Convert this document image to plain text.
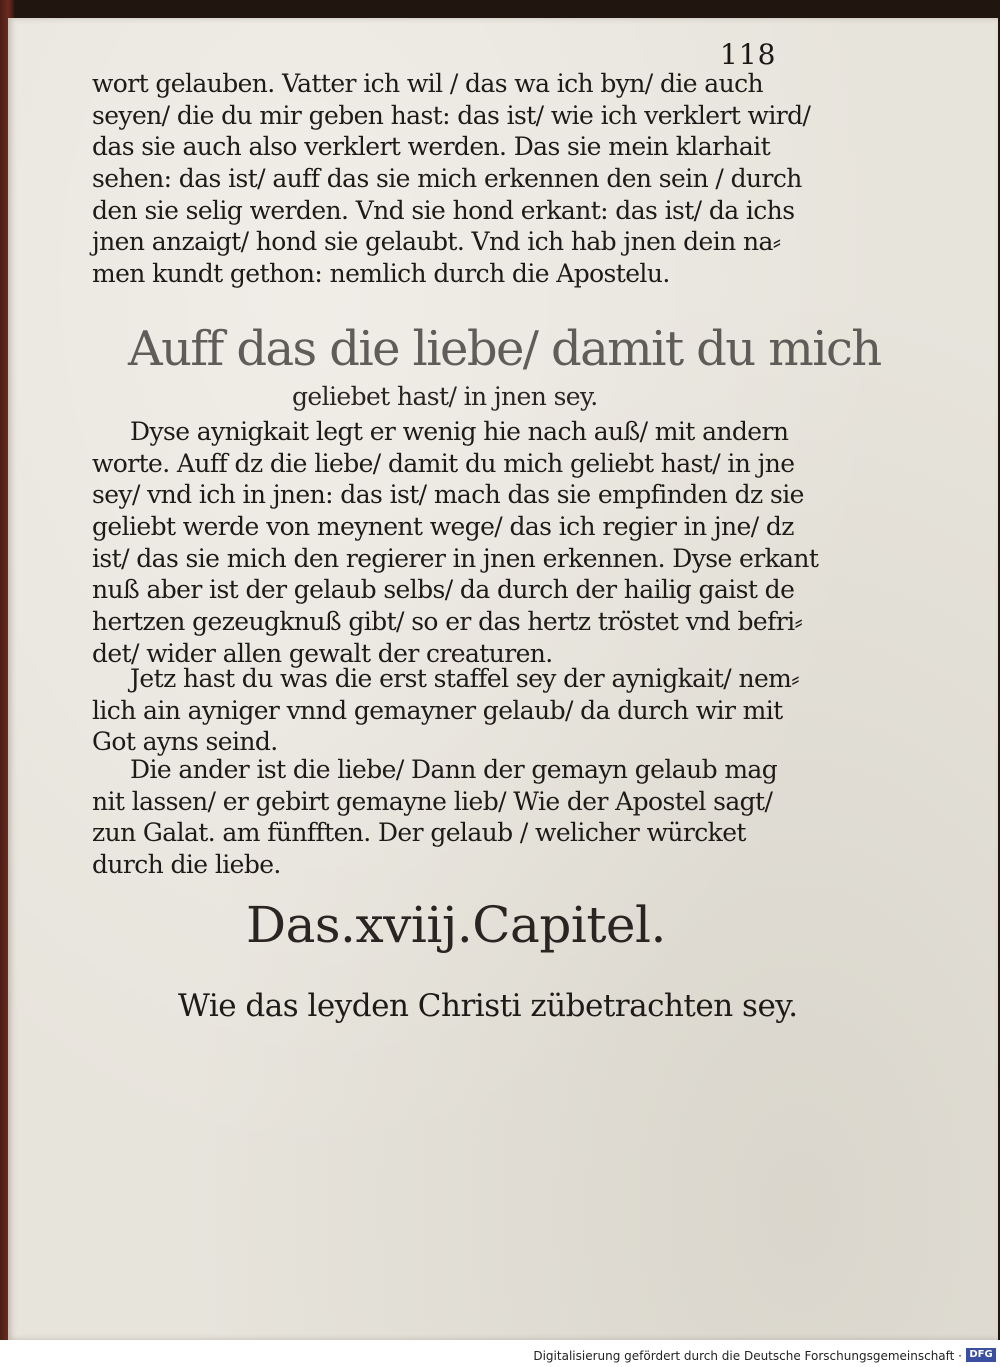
118
wort gelauben. Vatter ich wil / das wa ich byn/ die auch
seyen/ die du mir geben hast: das ist/ wie ich verklert wird/
das sie auch also verklert werden. Das sie mein klarhait
sehen: das ist/ auff das sie mich erkennen den sein / durch
den sie selig werden. Vnd sie hond erkant: das ist/ da ichs
jnen anzaigt/ hond sie gelaubt. Vnd ich hab jnen dein na⸗
men kundt gethon: nemlich durch die Apostelu.
Auff das die liebe/ damit du mich
geliebet hast/ in jnen sey.
Dyse aynigkait legt er wenig hie nach auß/ mit andern
worte. Auff dz die liebe/ damit du mich geliebt hast/ in jne
sey/ vnd ich in jnen: das ist/ mach das sie empfinden dz sie
geliebt werde von meynent wege/ das ich regier in jne/ dz
ist/ das sie mich den regierer in jnen erkennen. Dyse erkant
nuß aber ist der gelaub selbs/ da durch der hailig gaist de
hertzen gezeugknuß gibt/ so er das hertz tröstet vnd befri⸗
det/ wider allen gewalt der creaturen.
Jetz hast du was die erst staffel sey der aynigkait/ nem⸗
lich ain ayniger vnnd gemayner gelaub/ da durch wir mit
Got ayns seind.
Die ander ist die liebe/ Dann der gemayn gelaub mag
nit lassen/ er gebirt gemayne lieb/ Wie der Apostel sagt/
zun Galat. am fünfften. Der gelaub / welicher würcket
durch die liebe.
Das.xviij.Capitel.
Wie das leyden Christi zübetrachten sey.
Digitalisierung gefördert durch die Deutsche Forschungsgemeinschaft · DFG
